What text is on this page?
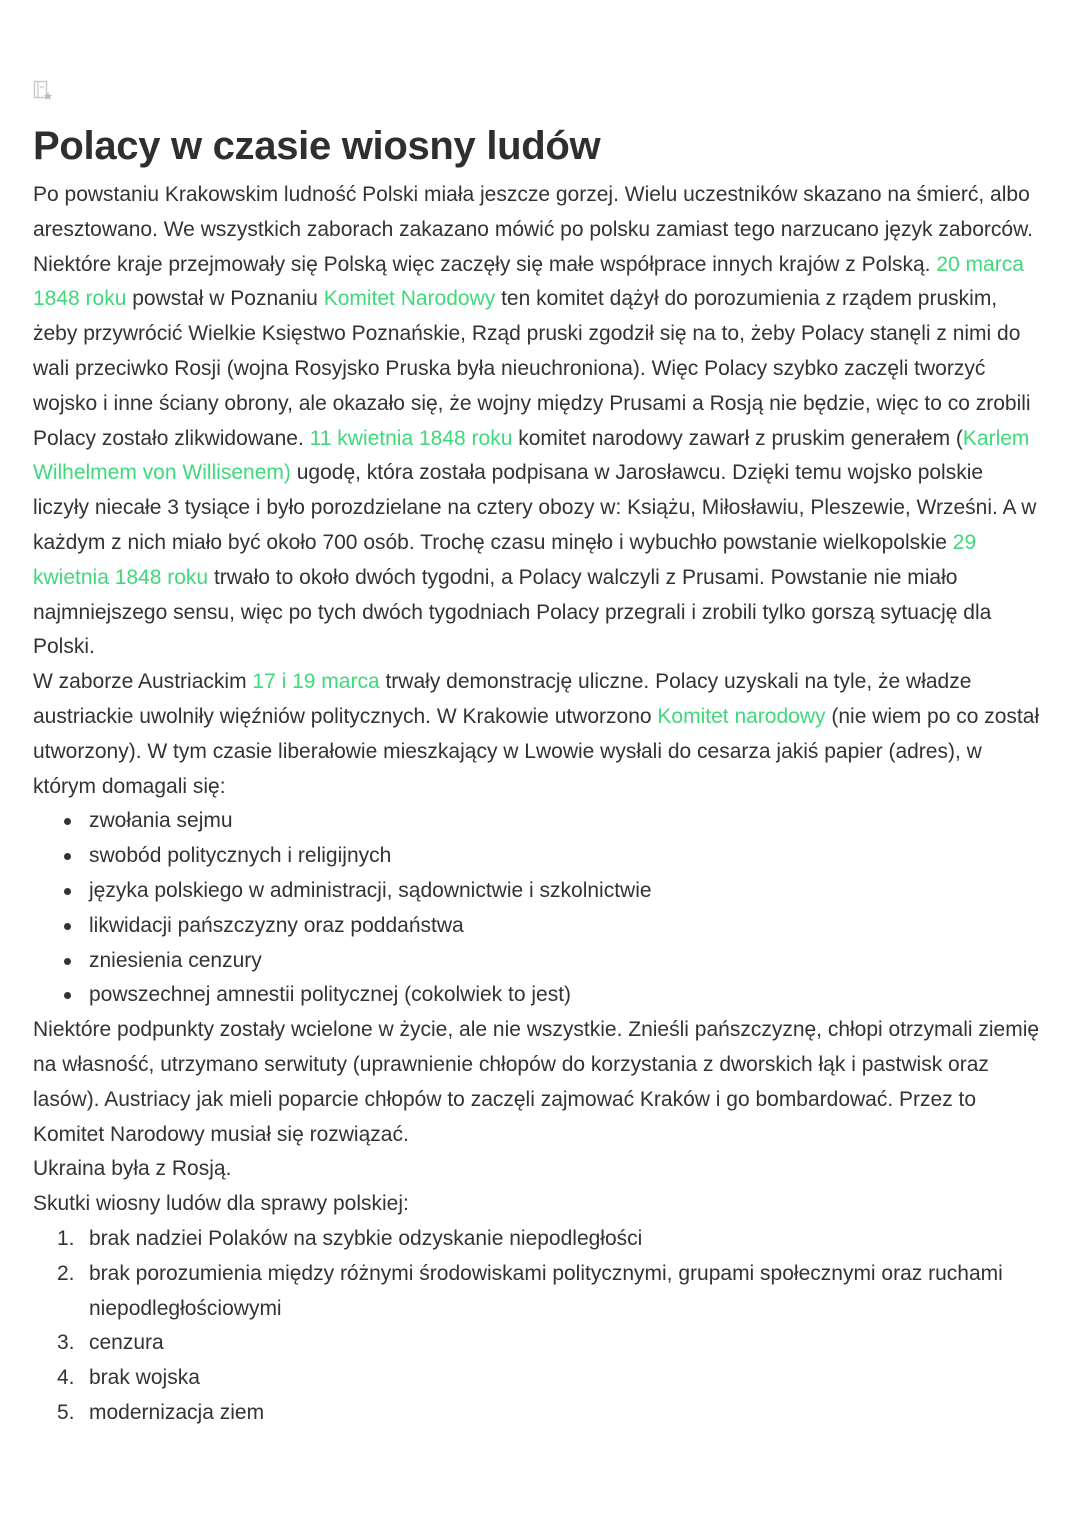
Polacy w czasie wiosny ludów

Po powstaniu Krakowskim ludność Polski miała jeszcze gorzej. Wielu uczestników skazano na śmierć, albo aresztowano. We wszystkich zaborach zakazano mówić po polsku zamiast tego narzucano język zaborców. Niektóre kraje przejmowały się Polską więc zaczęły się małe współprace innych krajów z Polską. 20 marca 1848 roku powstał w Poznaniu Komitet Narodowy ten komitet dążył do porozumienia z rządem pruskim, żeby przywrócić Wielkie Księstwo Poznańskie, Rząd pruski zgodził się na to, żeby Polacy stanęli z nimi do wali przeciwko Rosji (wojna Rosyjsko Pruska była nieuchroniona). Więc Polacy szybko zaczęli tworzyć wojsko i inne ściany obrony, ale okazało się, że wojny między Prusami a Rosją nie będzie, więc to co zrobili Polacy zostało zlikwidowane. 11 kwietnia 1848 roku komitet narodowy zawarł z pruskim generałem (Karlem Wilhelmem von Willisenem) ugodę, która została podpisana w Jarosławcu. Dzięki temu wojsko polskie liczyły niecałe 3 tysiące i było porozdzielane na cztery obozy w: Książu, Miłosławiu, Pleszewie, Wrześni. A w każdym z nich miało być około 700 osób. Trochę czasu minęło i wybuchło powstanie wielkopolskie 29 kwietnia 1848 roku trwało to około dwóch tygodni, a Polacy walczyli z Prusami. Powstanie nie miało najmniejszego sensu, więc po tych dwóch tygodniach Polacy przegrali i zrobili tylko gorszą sytuację dla Polski.

W zaborze Austriackim 17 i 19 marca trwały demonstrację uliczne. Polacy uzyskali na tyle, że władze austriackie uwolniły więźniów politycznych. W Krakowie utworzono Komitet narodowy (nie wiem po co został utworzony). W tym czasie liberałowie mieszkający w Lwowie wysłali do cesarza jakiś papier (adres), w którym domagali się:

zwołania sejmu
swobód politycznych i religijnych
języka polskiego w administracji, sądownictwie i szkolnictwie
likwidacji pańszczyzny oraz poddaństwa
zniesienia cenzury
powszechnej amnestii politycznej (cokolwiek to jest)

Niektóre podpunkty zostały wcielone w życie, ale nie wszystkie. Znieśli pańszczyznę, chłopi otrzymali ziemię na własność, utrzymano serwituty (uprawnienie chłopów do korzystania z dworskich łąk i pastwisk oraz lasów). Austriacy jak mieli poparcie chłopów to zaczęli zajmować Kraków i go bombardować. Przez to Komitet Narodowy musiał się rozwiązać.

Ukraina była z Rosją.

Skutki wiosny ludów dla sprawy polskiej:

1. brak nadziei Polaków na szybkie odzyskanie niepodległości
2. brak porozumienia między różnymi środowiskami politycznymi, grupami społecznymi oraz ruchami niepodległościowymi
3. cenzura
4. brak wojska
5. modernizacja ziem
